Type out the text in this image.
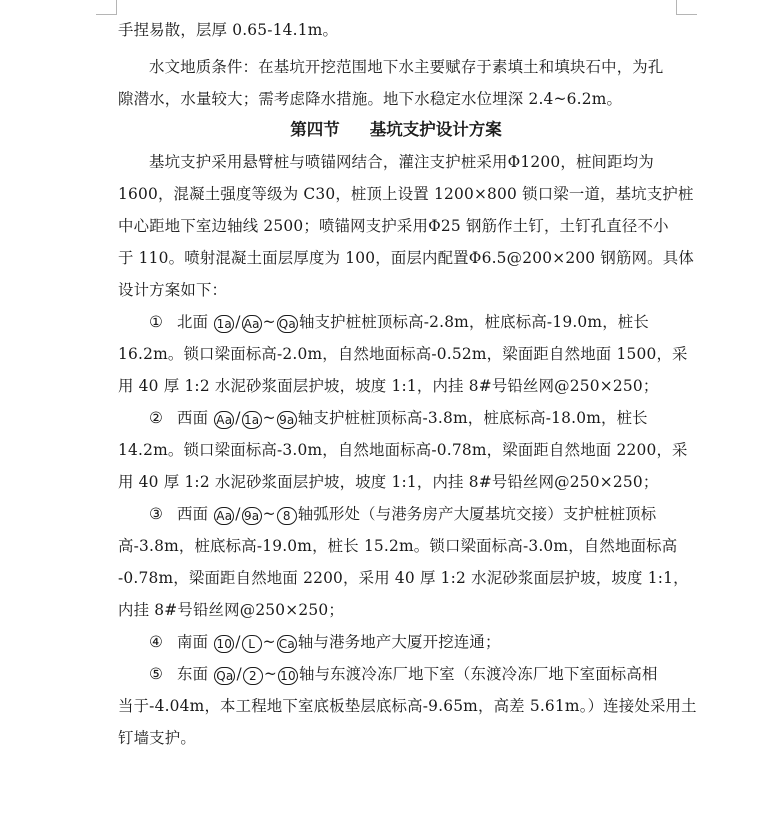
手捏易散，层厚 0.65-14.1m。
水文地质条件：在基坑开挖范围地下水主要赋存于素填土和填块石中，为孔
隙潜水，水量较大；需考虑降水措施。地下水稳定水位埋深 2.4~6.2m。
第四节 基坑支护设计方案
基坑支护采用悬臂桩与喷锚网结合，灌注支护桩采用Φ1200，桩间距均为
1600，混凝土强度等级为 C30，桩顶上设置 1200×800 锁口梁一道，基坑支护桩
中心距地下室边轴线 2500；喷锚网支护采用Φ25 钢筋作土钉，土钉孔直径不小
于 110。喷射混凝土面层厚度为 100，面层内配置Φ6.5@200×200 钢筋网。具体
设计方案如下：
① 北面 1a / Aa ~ Qa 轴支护桩桩顶标高-2.8m，桩底标高-19.0m，桩长
16.2m。锁口梁面标高-2.0m，自然地面标高-0.52m，梁面距自然地面 1500，采
用 40 厚 1:2 水泥砂浆面层护坡，坡度 1:1，内挂 8#号铅丝网@250×250；
② 西面 Aa / 1a ~ 9a 轴支护桩桩顶标高-3.8m，桩底标高-18.0m，桩长
14.2m。锁口梁面标高-3.0m，自然地面标高-0.78m，梁面距自然地面 2200，采
用 40 厚 1:2 水泥砂浆面层护坡，坡度 1:1，内挂 8#号铅丝网@250×250；
③ 西面 Aa / 9a ~ 8 轴弧形处（与港务房产大厦基坑交接）支护桩桩顶标
高-3.8m，桩底标高-19.0m，桩长 15.2m。锁口梁面标高-3.0m，自然地面标高
-0.78m，梁面距自然地面 2200，采用 40 厚 1:2 水泥砂浆面层护坡，坡度 1:1，
内挂 8#号铅丝网@250×250；
④ 南面 10 / L ~ Ca 轴与港务地产大厦开挖连通；
⑤ 东面 Qa / 2 ~ 10 轴与东渡冷冻厂地下室（东渡冷冻厂地下室面标高相
当于-4.04m，本工程地下室底板垫层底标高-9.65m，高差 5.61m。）连接处采用土
钉墙支护。
